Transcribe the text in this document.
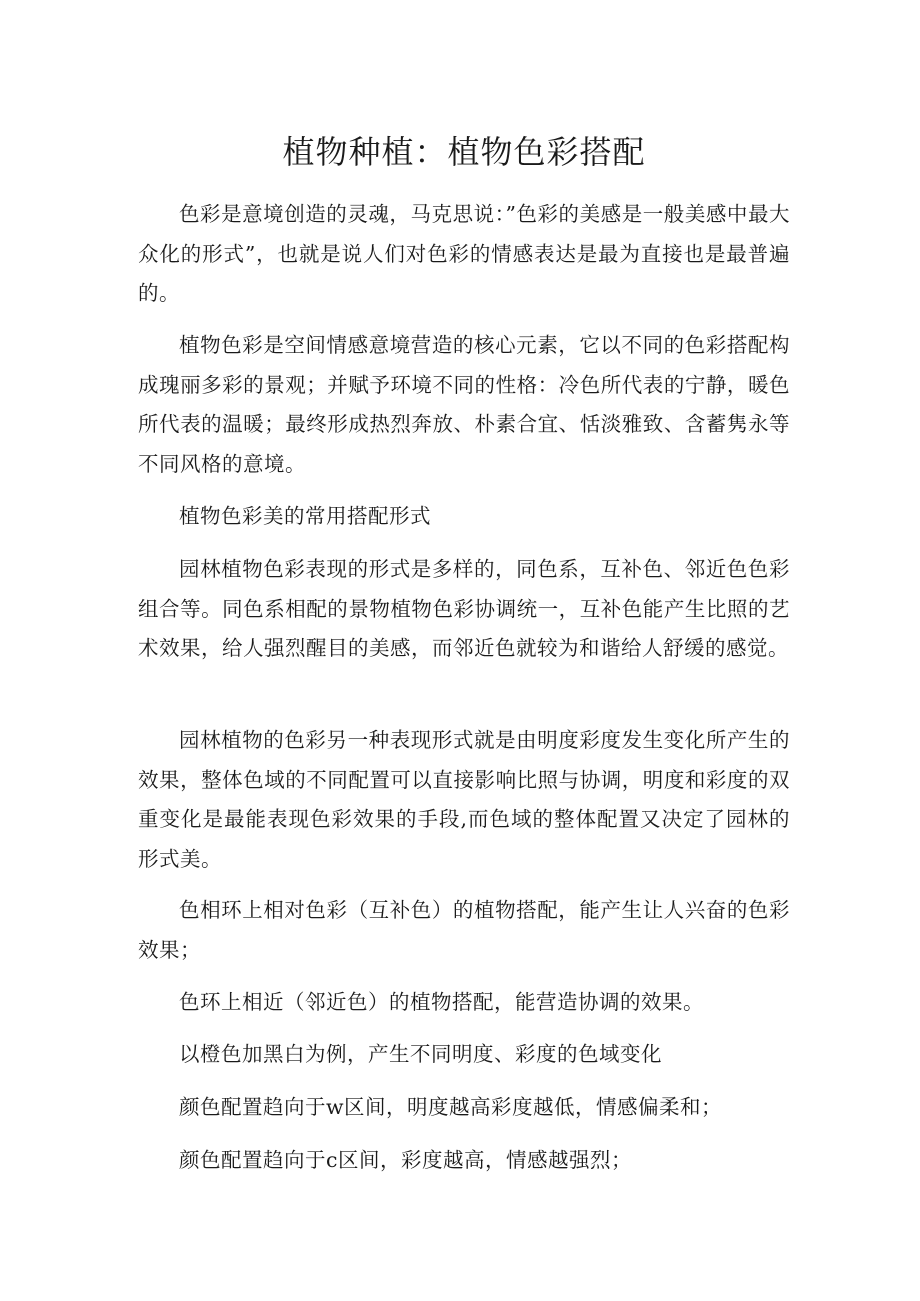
植物种植：植物色彩搭配

色彩是意境创造的灵魂，马克思说：”色彩的美感是一般美感中最大众化的形式”，也就是说人们对色彩的情感表达是最为直接也是最普遍的。

植物色彩是空间情感意境营造的核心元素，它以不同的色彩搭配构成瑰丽多彩的景观；并赋予环境不同的性格：冷色所代表的宁静，暖色所代表的温暖；最终形成热烈奔放、朴素合宜、恬淡雅致、含蓄隽永等不同风格的意境。

植物色彩美的常用搭配形式

园林植物色彩表现的形式是多样的，同色系，互补色、邻近色色彩组合等。同色系相配的景物植物色彩协调统一，互补色能产生比照的艺术效果，给人强烈醒目的美感，而邻近色就较为和谐给人舒缓的感觉。

园林植物的色彩另一种表现形式就是由明度彩度发生变化所产生的效果，整体色域的不同配置可以直接影响比照与协调，明度和彩度的双重变化是最能表现色彩效果的手段,而色域的整体配置又决定了园林的形式美。

色相环上相对色彩（互补色）的植物搭配，能产生让人兴奋的色彩效果；

色环上相近（邻近色）的植物搭配，能营造协调的效果。

以橙色加黑白为例，产生不同明度、彩度的色域变化

颜色配置趋向于w区间，明度越高彩度越低，情感偏柔和；

颜色配置趋向于c区间，彩度越高，情感越强烈；
